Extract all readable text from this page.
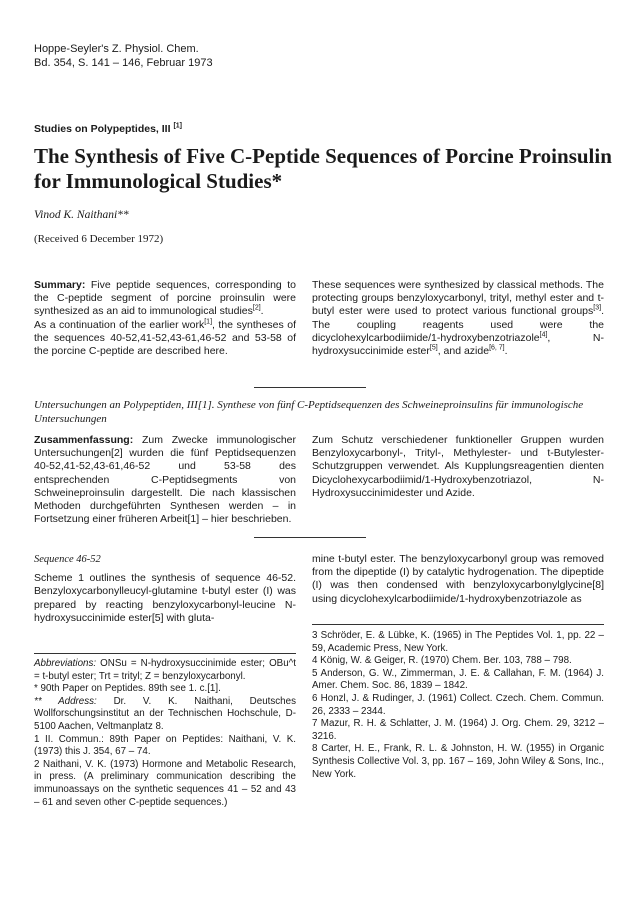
Hoppe-Seyler's Z. Physiol. Chem.
Bd. 354, S. 141 – 146, Februar 1973
Studies on Polypeptides, III [1]
The Synthesis of Five C-Peptide Sequences of Porcine Proinsulin for Immunological Studies*
Vinod K. Naithani**
(Received 6 December 1972)

Summary: Five peptide sequences, corresponding to the C-peptide segment of porcine proinsulin were synthesized as an aid to immunological studies[2].

As a continuation of the earlier work[1], the syntheses of the sequences 40-52,41-52,43-61,46-52 and 53-58 of the porcine C-peptide are described here.

These sequences were synthesized by classical methods. The protecting groups benzyloxycarbonyl, trityl, methyl ester and t-butyl ester were used to protect various functional groups[3]. The coupling reagents used were the dicyclohexylcarbodiimide/1-hydroxybenzotriazole[4], N-hydroxysuccinimide ester[5], and azide[6, 7].

Untersuchungen an Polypeptiden, III[1]. Synthese von fünf C-Peptidsequenzen des Schweineproinsulins für immunologische Untersuchungen

Zusammenfassung: Zum Zwecke immunologischer Untersuchungen[2] wurden die fünf Peptidsequenzen 40-52,41-52,43-61,46-52 und 53-58 des entsprechenden C-Peptidsegments von Schweineproinsulin dargestellt. Die nach klassischen Methoden durchgeführten Synthesen werden – in Fortsetzung einer früheren Arbeit[1] – hier beschrieben.

Zum Schutz verschiedener funktioneller Gruppen wurden Benzyloxycarbonyl-, Trityl-, Methylester- und t-Butylester-Schutzgruppen verwendet. Als Kupplungsreagentien dienten Dicyclohexycarbodiimid/1-Hydroxybenzotriazol, N-Hydroxysuccinimidester und Azide.

Sequence 46-52

Scheme 1 outlines the synthesis of sequence 46-52. Benzyloxycarbonylleucyl-glutamine t-butyl ester (I) was prepared by reacting benzyloxycarbonyl-leucine N-hydroxysuccinimide ester[5] with gluta-

mine t-butyl ester. The benzyloxycarbonyl group was removed from the dipeptide (I) by catalytic hydrogenation. The dipeptide (I) was then condensed with benzyloxycarbonylglycine[8] using dicyclohexylcarbodiimide/1-hydroxybenzotriazole as

Abbreviations: ONSu = N-hydroxysuccinimide ester; OBu^t = t-butyl ester; Trt = trityl; Z = benzyloxycarbonyl.

* 90th Paper on Peptides. 89th see 1. c.[1].

** Address: Dr. V. K. Naithani, Deutsches Wollforschungsinstitut an der Technischen Hochschule, D-5100 Aachen, Veltmanplatz 8.

1 II. Commun.: 89th Paper on Peptides: Naithani, V. K. (1973) this J. 354, 67 – 74.

2 Naithani, V. K. (1973) Hormone and Metabolic Research, in press. (A preliminary communication describing the immunoassays on the synthetic sequences 41 – 52 and 43 – 61 and seven other C-peptide sequences.)

3 Schröder, E. & Lübke, K. (1965) in The Peptides Vol. 1, pp. 22 – 59, Academic Press, New York.

4 König, W. & Geiger, R. (1970) Chem. Ber. 103, 788 – 798.

5 Anderson, G. W., Zimmerman, J. E. & Callahan, F. M. (1964) J. Amer. Chem. Soc. 86, 1839 – 1842.

6 Honzl, J. & Rudinger, J. (1961) Collect. Czech. Chem. Commun. 26, 2333 – 2344.

7 Mazur, R. H. & Schlatter, J. M. (1964) J. Org. Chem. 29, 3212 – 3216.

8 Carter, H. E., Frank, R. L. & Johnston, H. W. (1955) in Organic Synthesis Collective Vol. 3, pp. 167 – 169, John Wiley & Sons, Inc., New York.
